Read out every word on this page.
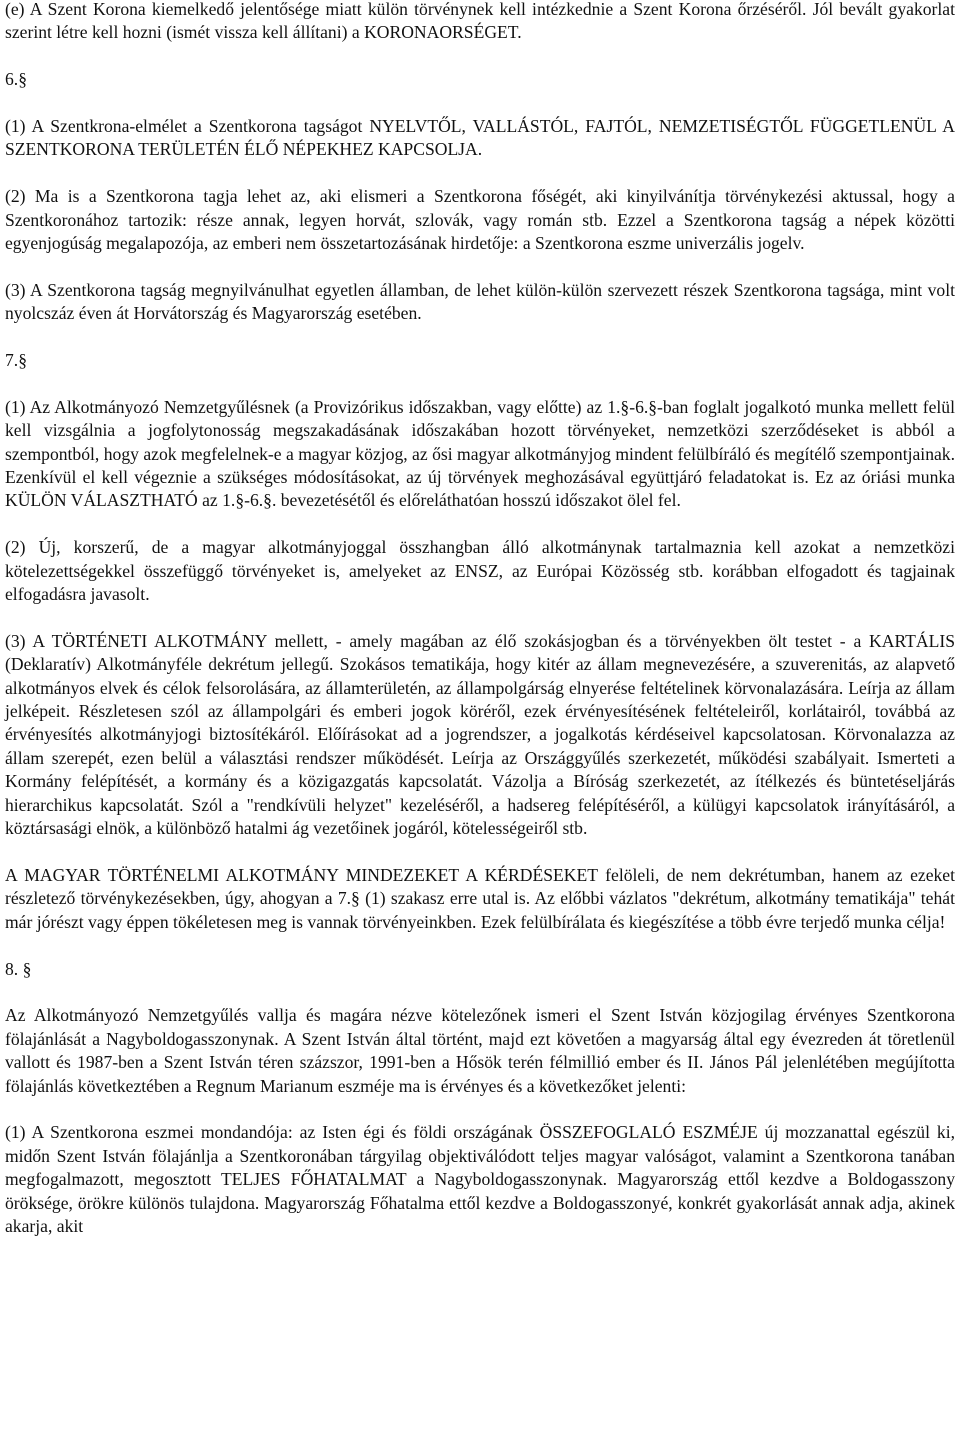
(e) A Szent Korona kiemelkedő jelentősége miatt külön törvénynek kell intézkednie a Szent Korona őrzéséről. Jól bevált gyakorlat szerint létre kell hozni (ismét vissza kell állítani) a KORONAORSÉGET.

6.§

(1) A Szentkrona-elmélet a Szentkorona tagságot NYELVTŐL, VALLÁSTÓL, FAJTÓL, NEMZETISÉGTŐL FÜGGETLENÜL A SZENTKORONA TERÜLETÉN ÉLŐ NÉPEKHEZ KAPCSOLJA.

(2) Ma is a Szentkorona tagja lehet az, aki elismeri a Szentkorona főségét, aki kinyilvánítja törvénykezési aktussal, hogy a Szentkoronához tartozik: része annak, legyen horvát, szlovák, vagy román stb. Ezzel a Szentkorona tagság a népek közötti egyenjogúság megalapozója, az emberi nem összetartozásának hirdetője: a Szentkorona eszme univerzális jogelv.

(3) A Szentkorona tagság megnyilvánulhat egyetlen államban, de lehet külön-külön szervezett részek Szentkorona tagsága, mint volt nyolcszáz éven át Horvátország és Magyarország esetében.

7.§

(1) Az Alkotmányozó Nemzetgyűlésnek (a Provizórikus időszakban, vagy előtte) az 1.§-6.§-ban foglalt jogalkotó munka mellett felül kell vizsgálnia a jogfolytonosság megszakadásának időszakában hozott törvényeket, nemzetközi szerződéseket is abból a szempontból, hogy azok megfelelnek-e a magyar közjog, az ősi magyar alkotmányjog mindent felülbíráló és megítélő szempontjainak. Ezenkívül el kell végeznie a szükséges módosításokat, az új törvények meghozásával együttjáró feladatokat is. Ez az óriási munka KÜLÖN VÁLASZTHATÓ az 1.§-6.§. bevezetésétől és előreláthatóan hosszú időszakot ölel fel.

(2) Új, korszerű, de a magyar alkotmányjoggal összhangban álló alkotmánynak tartalmaznia kell azokat a nemzetközi kötelezettségekkel összefüggő törvényeket is, amelyeket az ENSZ, az Európai Közösség stb. korábban elfogadott és tagjainak elfogadásra javasolt.

(3) A TÖRTÉNETI ALKOTMÁNY mellett, - amely magában az élő szokásjogban és a törvényekben ölt testet - a KARTÁLIS (Deklaratív) Alkotmányféle dekrétum jellegű. Szokásos tematikája, hogy kitér az állam megnevezésére, a szuverenitás, az alapvető alkotmányos elvek és célok felsorolására, az államterületén, az állampolgárság elnyerése feltételinek körvonalazására. Leírja az állam jelképeit. Részletesen szól az állampolgári és emberi jogok köréről, ezek érvényesítésének feltételeiről, korlátairól, továbbá az érvényesítés alkotmányjogi biztosítékáról. Előírásokat ad a jogrendszer, a jogalkotás kérdéseivel kapcsolatosan. Körvonalazza az állam szerepét, ezen belül a választási rendszer működését. Leírja az Országgyűlés szerkezetét, működési szabályait. Ismerteti a Kormány felépítését, a kormány és a közigazgatás kapcsolatát. Vázolja a Bíróság szerkezetét, az ítélkezés és büntetéseljárás hierarchikus kapcsolatát. Szól a "rendkívüli helyzet" kezeléséről, a hadsereg felépítéséről, a külügyi kapcsolatok irányításáról, a köztársasági elnök, a különböző hatalmi ág vezetőinek jogáról, kötelességeiről stb.

A MAGYAR TÖRTÉNELMI ALKOTMÁNY MINDEZEKET A KÉRDÉSEKET felöleli, de nem dekrétumban, hanem az ezeket részletező törvénykezésekben, úgy, ahogyan a 7.§ (1) szakasz erre utal is. Az előbbi vázlatos "dekrétum, alkotmány tematikája" tehát már jórészt vagy éppen tökéletesen meg is vannak törvényeinkben. Ezek felülbírálata és kiegészítése a több évre terjedő munka célja!

8. §

Az Alkotmányozó Nemzetgyűlés vallja és magára nézve kötelezőnek ismeri el Szent István közjogilag érvényes Szentkorona fölajánlását a Nagyboldogasszonynak. A Szent István által történt, majd ezt követően a magyarság által egy évezreden át töretlenül vallott és 1987-ben a Szent István téren százszor, 1991-ben a Hősök terén félmillió ember és II. János Pál jelenlétében megújította fölajánlás következtében a Regnum Marianum eszméje ma is érvényes és a következőket jelenti:

(1) A Szentkorona eszmei mondandója: az Isten égi és földi országának ÖSSZEFOGLALÓ ESZMÉJE új mozzanattal egészül ki, midőn Szent István fölajánlja a Szentkoronában tárgyilag objektiválódott teljes magyar valóságot, valamint a Szentkorona tanában megfogalmazott, megosztott TELJES FŐHATALMAT a Nagyboldogasszonynak. Magyarország ettől kezdve a Boldogasszony öröksége, örökre különös tulajdona. Magyarország Főhatalma ettől kezdve a Boldogasszonyé, konkrét gyakorlását annak adja, akinek akarja, akit
